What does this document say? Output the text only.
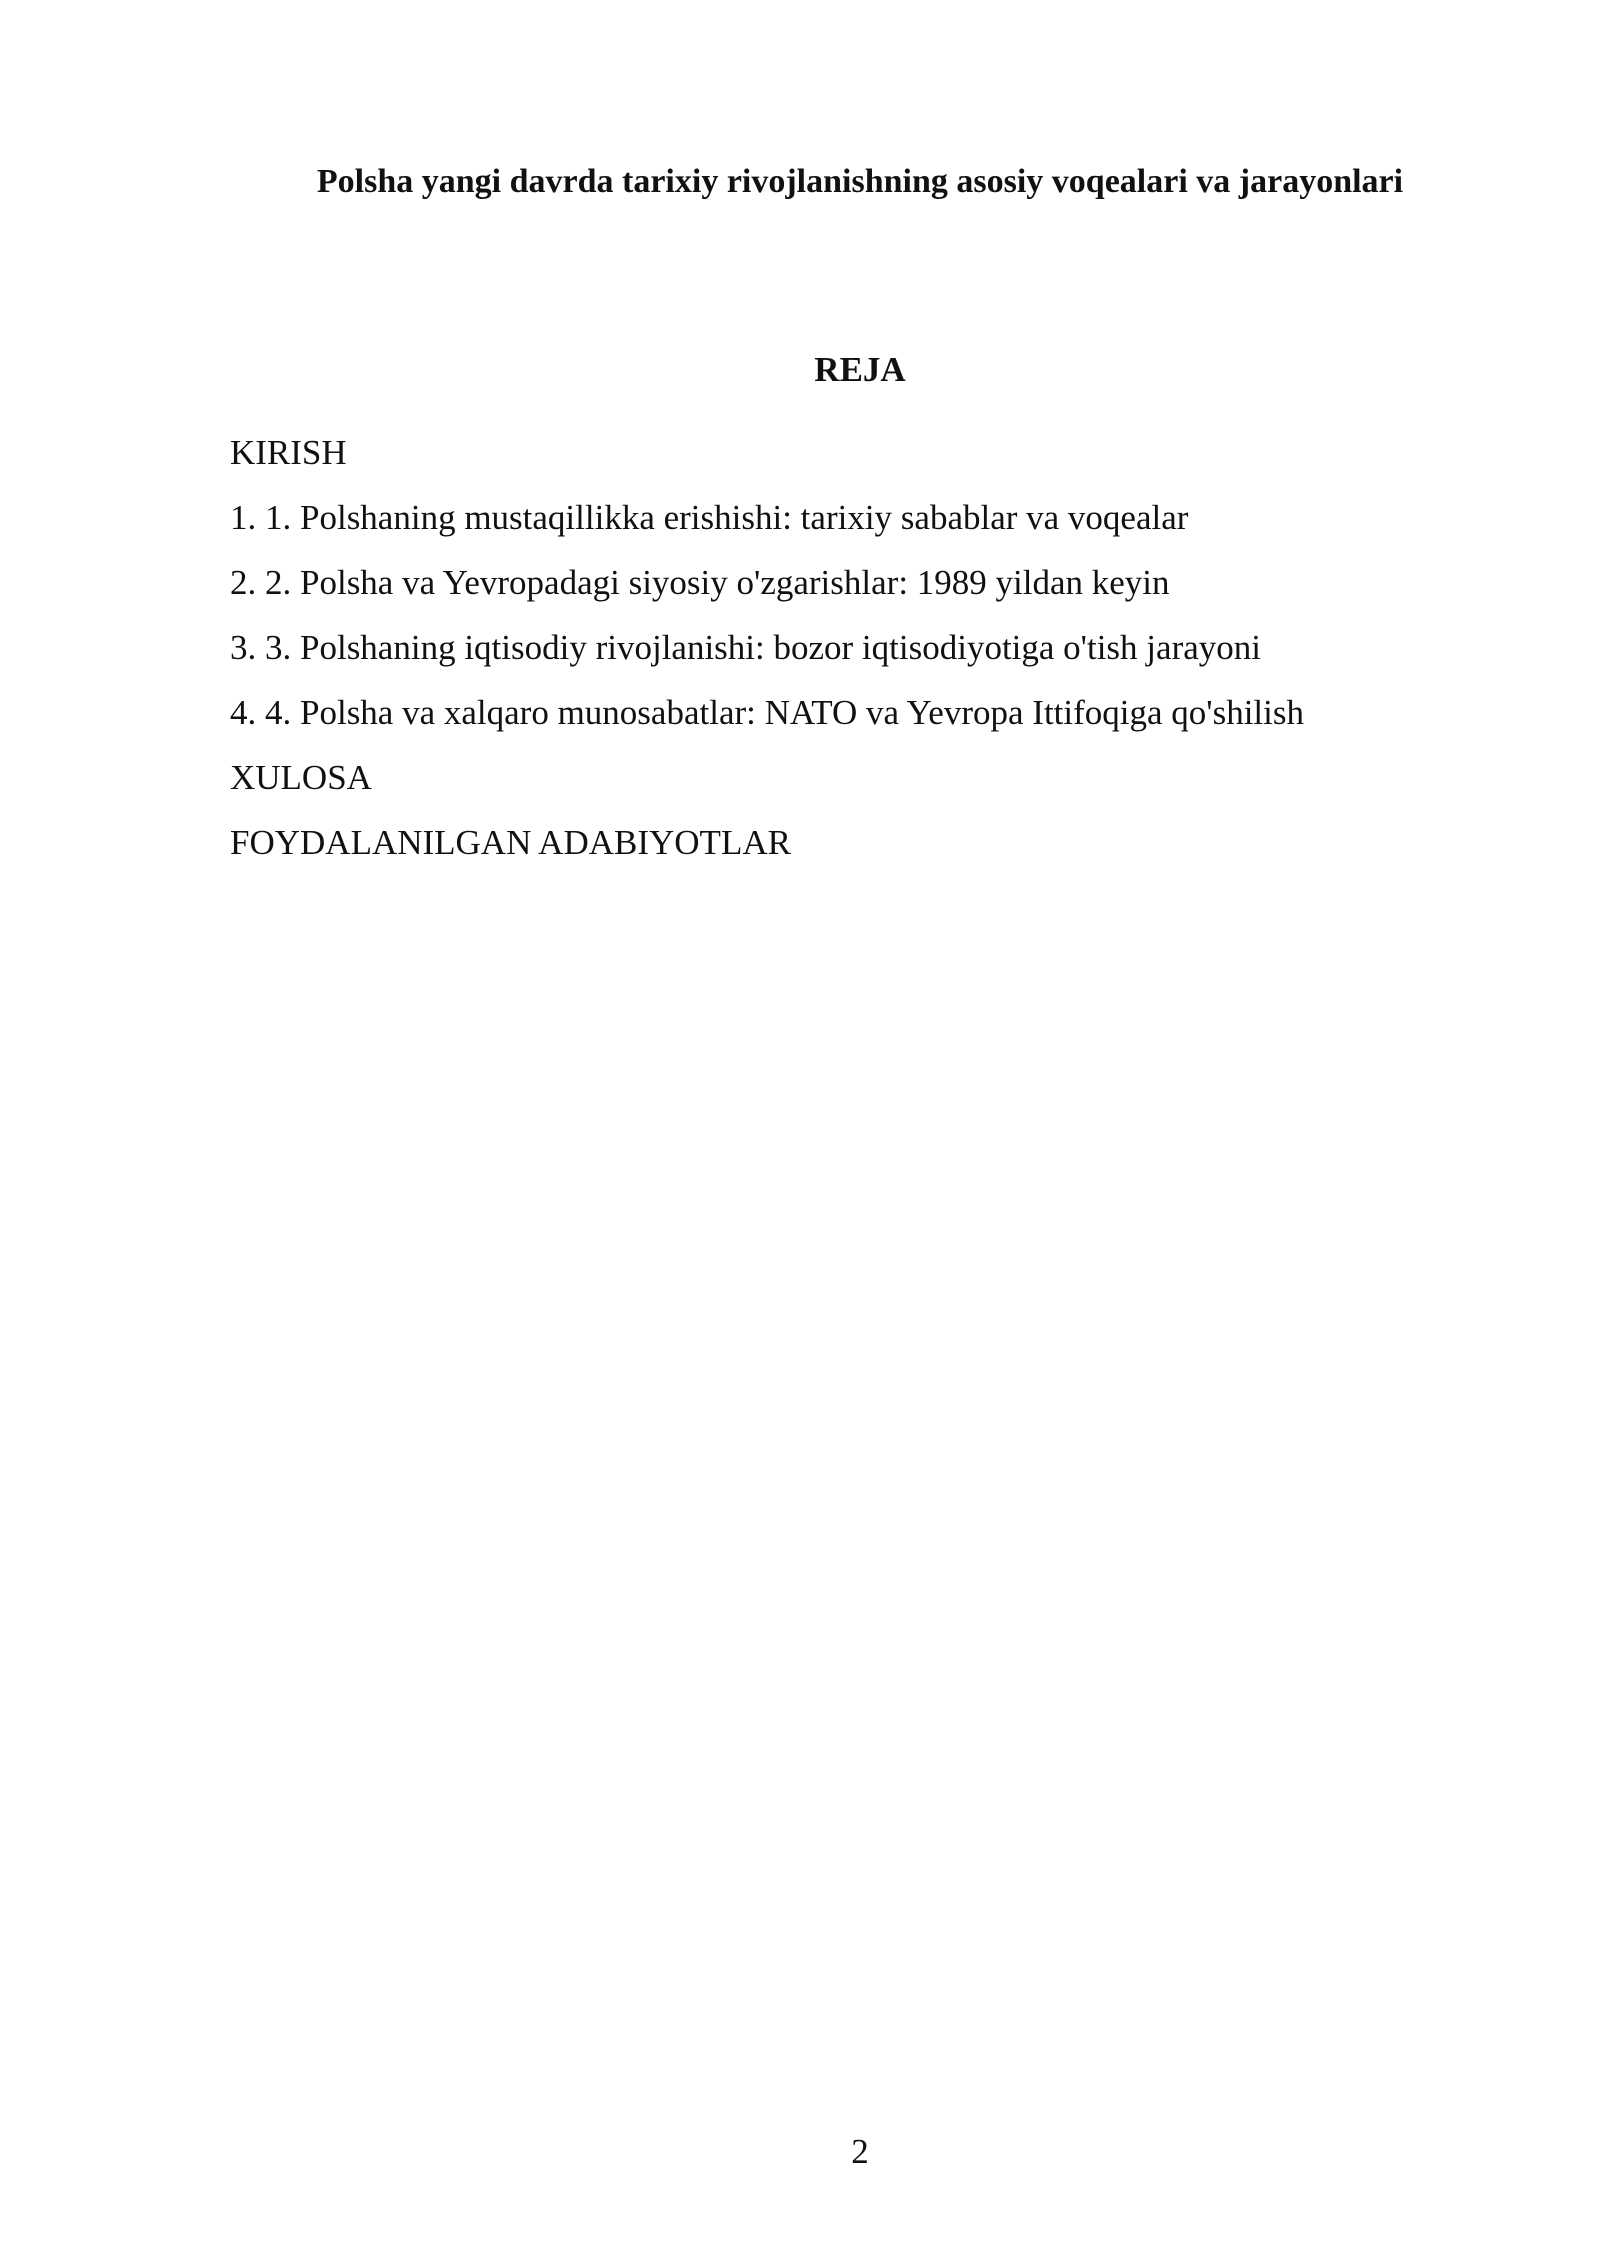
Polsha yangi davrda tarixiy rivojlanishning asosiy voqealari va jarayonlari
REJA
KIRISH
1. 1. Polshaning mustaqillikka erishishi: tarixiy sabablar va voqealar
2. 2. Polsha va Yevropadagi siyosiy o'zgarishlar: 1989 yildan keyin
3. 3. Polshaning iqtisodiy rivojlanishi: bozor iqtisodiyotiga o'tish jarayoni
4. 4. Polsha va xalqaro munosabatlar: NATO va Yevropa Ittifoqiga qo'shilish
XULOSA
FOYDALANILGAN ADABIYOTLAR
2
